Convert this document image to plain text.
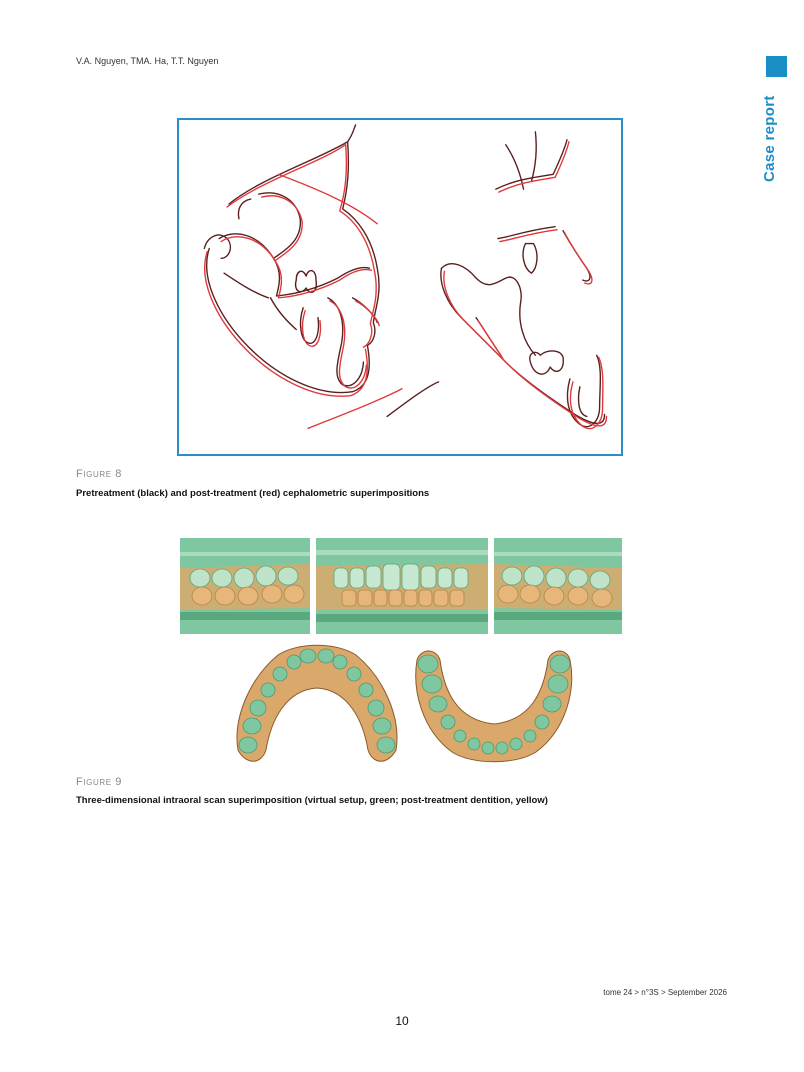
V.A. Nguyen, TMA. Ha, T.T. Nguyen
Case report
Figure 8
Pretreatment (black) and post-treatment (red) cephalometric superimpositions
Figure 9
Three-dimensional intraoral scan superimposition (virtual setup, green; post-treatment dentition, yellow)
tome 24 > n°3S > September 2026
10
